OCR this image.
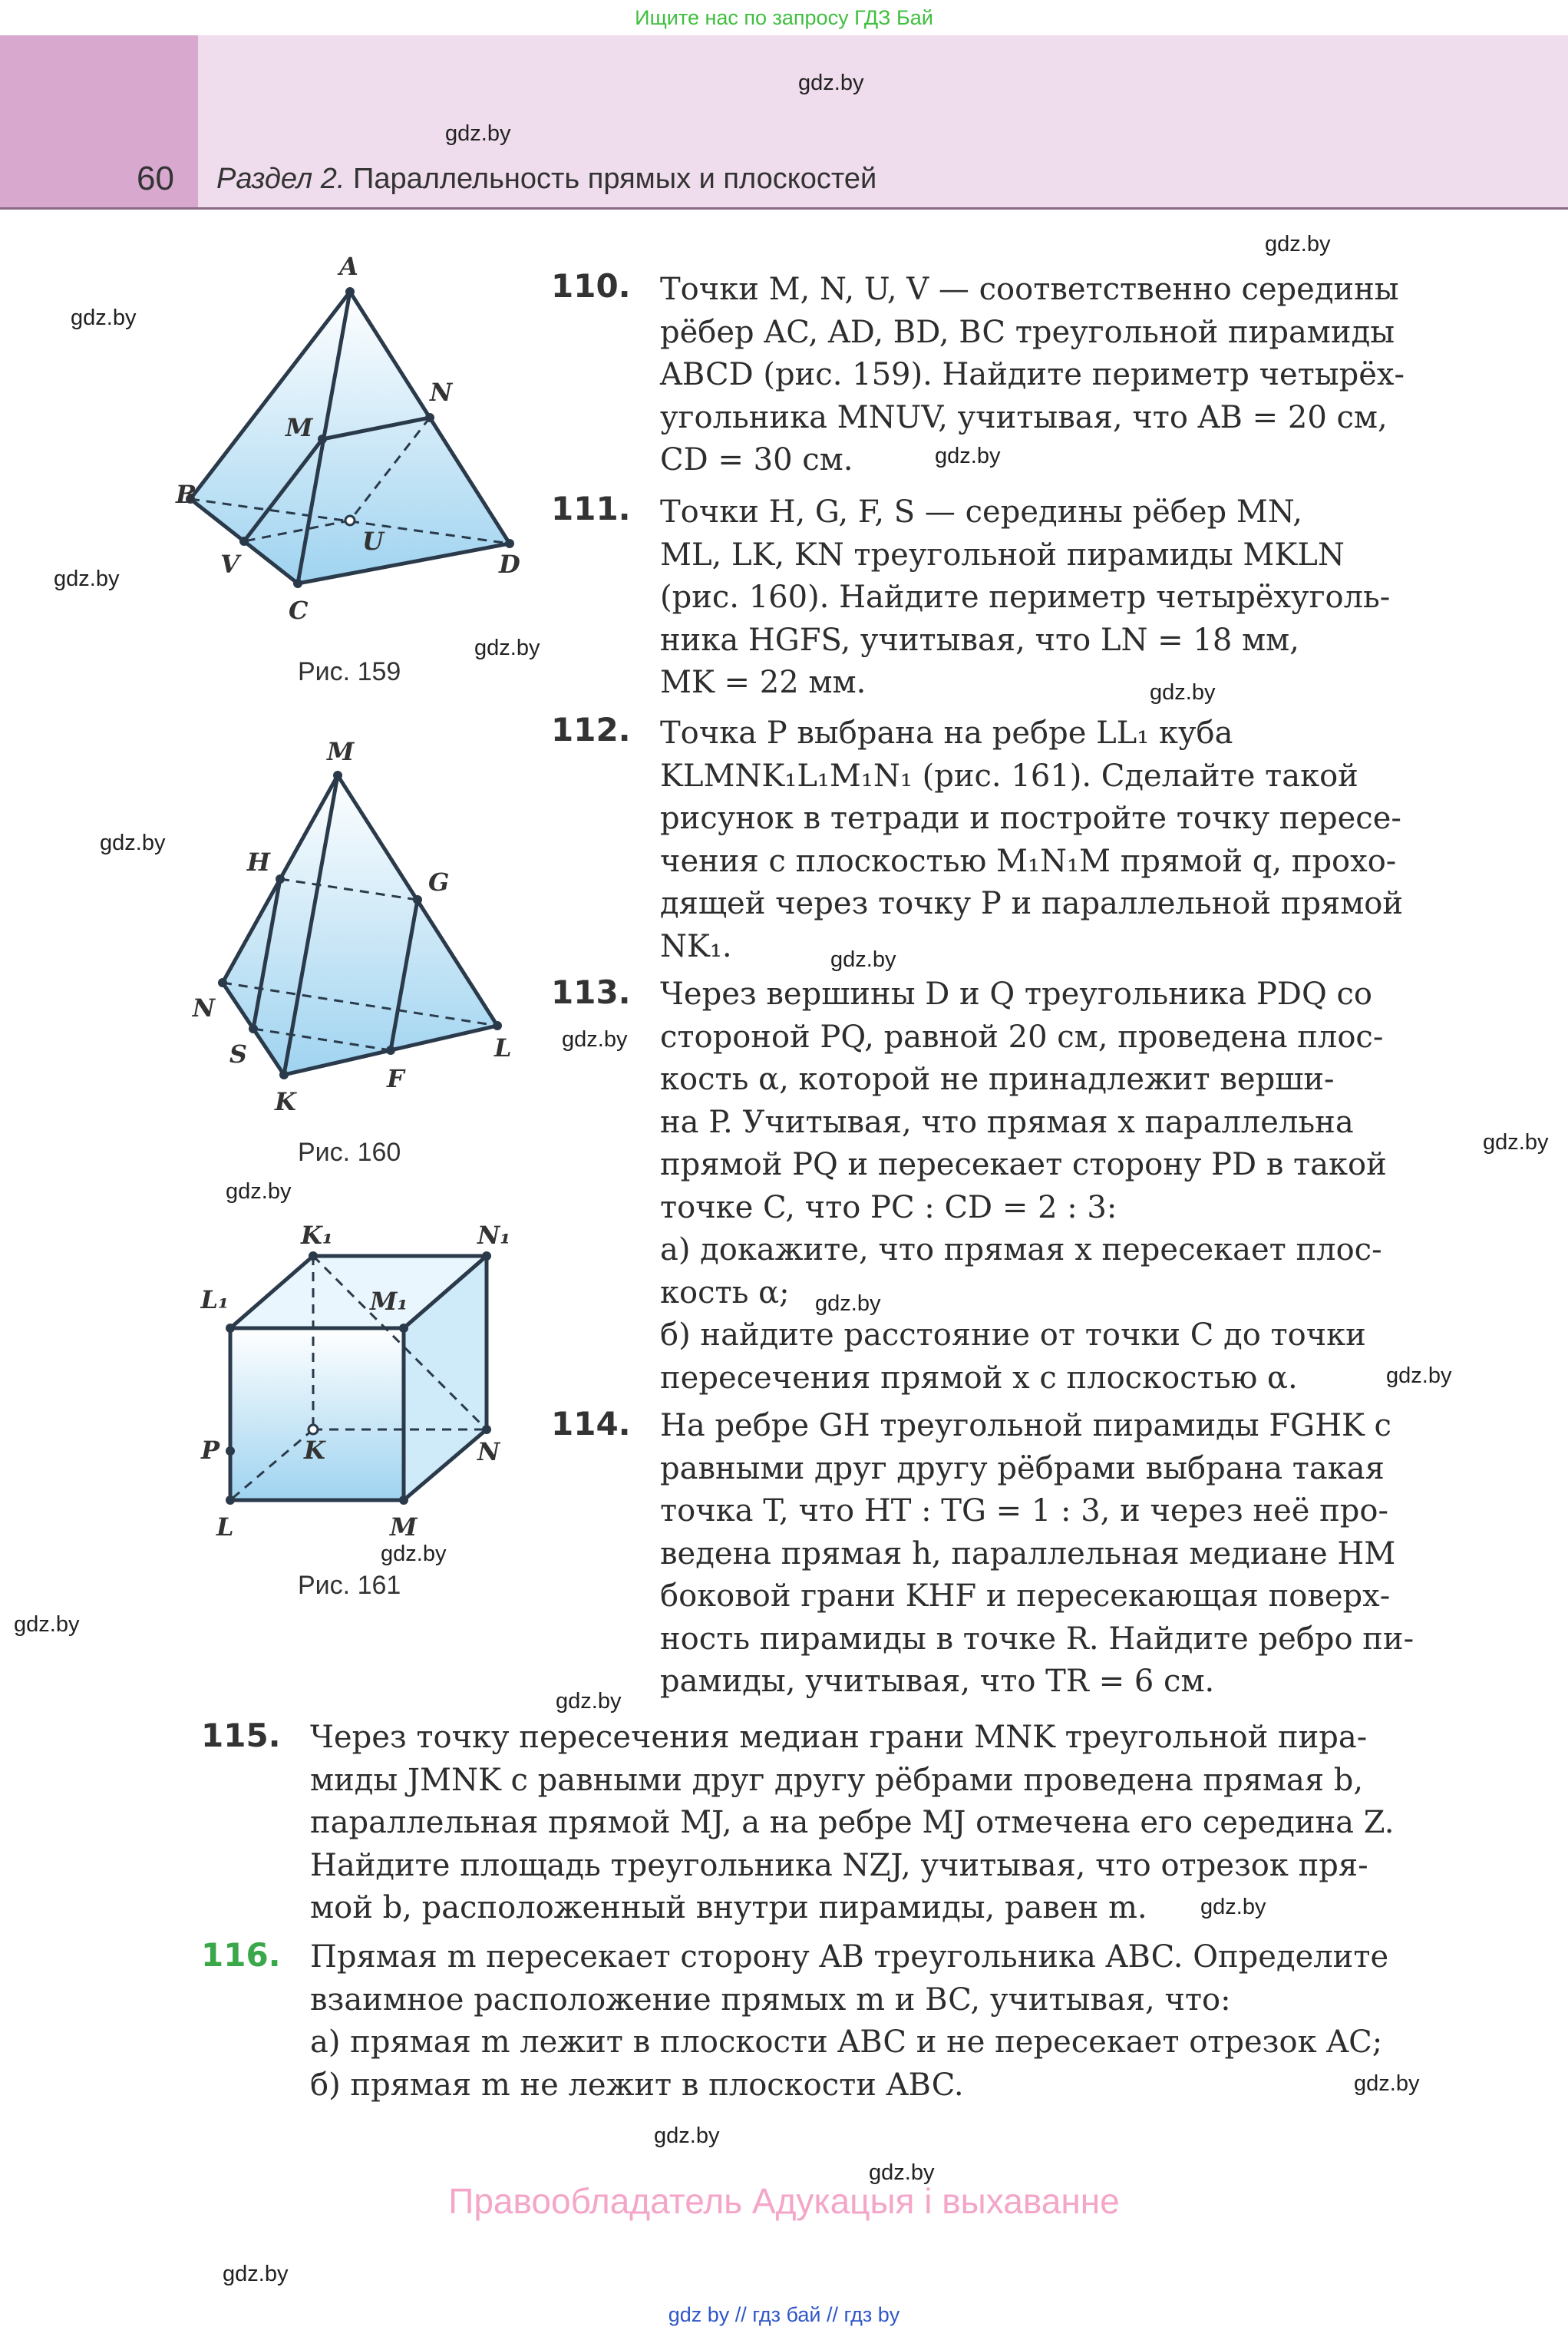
Ищите нас по запросу ГДЗ Бай
60 Раздел 2. Параллельность прямых и плоскостей
gdz.by
gdz.by
gdz.by
gdz.by
gdz.by
gdz.by
gdz.by
gdz.by
gdz.by
gdz.by
gdz.by
gdz.by
gdz.by
gdz.by
gdz.by
gdz.by
gdz.by
gdz.by
gdz.by
gdz.by
gdz.by
gdz.by
gdz.by
A
B
M
N
U
V
C
D
Рис. 159
M
H
G
N
S
K
F
L
Рис. 160
K₁	N₁
L₁	M₁
P	K	N
L	M
Рис. 161
110. Точки M, N, U, V — соответственно середины
рёбер AC, AD, BD, BC треугольной пирамиды
ABCD (рис. 159). Найдите периметр четырёх-
угольника MNUV, учитывая, что AB = 20 см,
CD = 30 см.
111. Точки H, G, F, S — середины рёбер MN,
ML, LK, KN треугольной пирамиды MKLN
(рис. 160). Найдите периметр четырёхуголь-
ника HGFS, учитывая, что LN = 18 мм,
MK = 22 мм.
112. Точка P выбрана на ребре LL₁ куба
KLMNK₁L₁M₁N₁ (рис. 161). Сделайте такой
рисунок в тетради и постройте точку пересе-
чения с плоскостью M₁N₁M прямой q, прохо-
дящей через точку P и параллельной прямой
NK₁.
113. Через вершины D и Q треугольника PDQ со
стороной PQ, равной 20 см, проведена плос-
кость α, которой не принадлежит верши-
на P. Учитывая, что прямая x параллельна
прямой PQ и пересекает сторону PD в такой
точке C, что PC : CD = 2 : 3:
а) докажите, что прямая x пересекает плос-
кость α;
б) найдите расстояние от точки C до точки
пересечения прямой x с плоскостью α.
114. На ребре GH треугольной пирамиды FGHK с
равными друг другу рёбрами выбрана такая
точка T, что HT : TG = 1 : 3, и через неё про-
ведена прямая h, параллельная медиане HM
боковой грани KHF и пересекающая поверх-
ность пирамиды в точке R. Найдите ребро пи-
рамиды, учитывая, что TR = 6 см.
115. Через точку пересечения медиан грани MNK треугольной пира-
миды JMNK с равными друг другу рёбрами проведена прямая b,
параллельная прямой MJ, а на ребре MJ отмечена его середина Z.
Найдите площадь треугольника NZJ, учитывая, что отрезок пря-
мой b, расположенный внутри пирамиды, равен m.
116. Прямая m пересекает сторону AB треугольника ABC. Определите
взаимное расположение прямых m и BC, учитывая, что:
а) прямая m лежит в плоскости ABC и не пересекает отрезок AC;
б) прямая m не лежит в плоскости ABC.
Правообладатель Адукацыя і выхаванне
gdz by // гдз бай // гдз by
